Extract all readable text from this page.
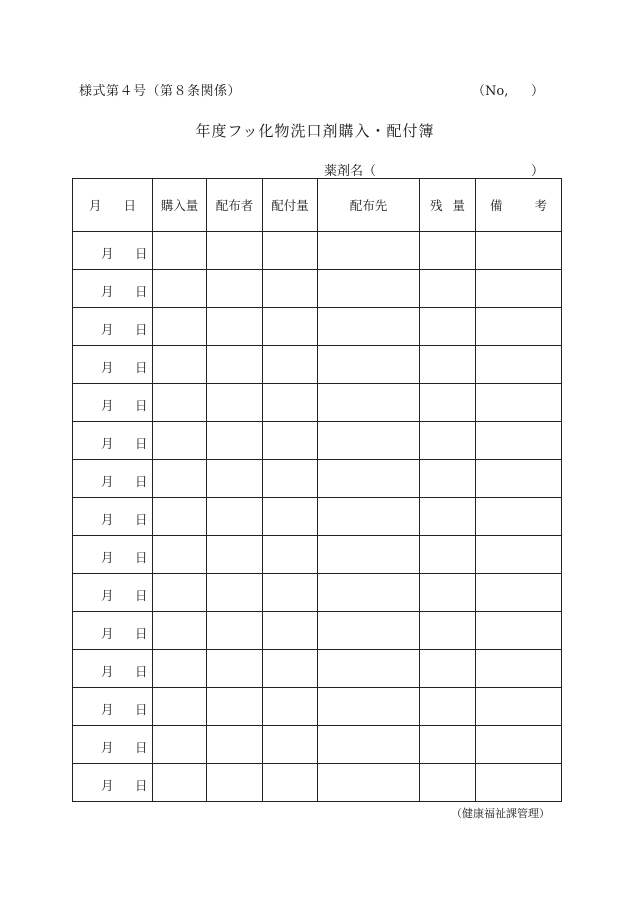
様式第４号（第８条関係）	（No, ）
年度フッ化物洗口剤購入・配付簿
薬剤名（	）
月 日	購入量	配布者	配付量	配布先	残 量	備 考

月 日						

月 日						

月 日						

月 日						

月 日						

月 日						

月 日						

月 日						

月 日						

月 日						

月 日						

月 日						

月 日						

月 日						

月 日						

（健康福祉課管理）
